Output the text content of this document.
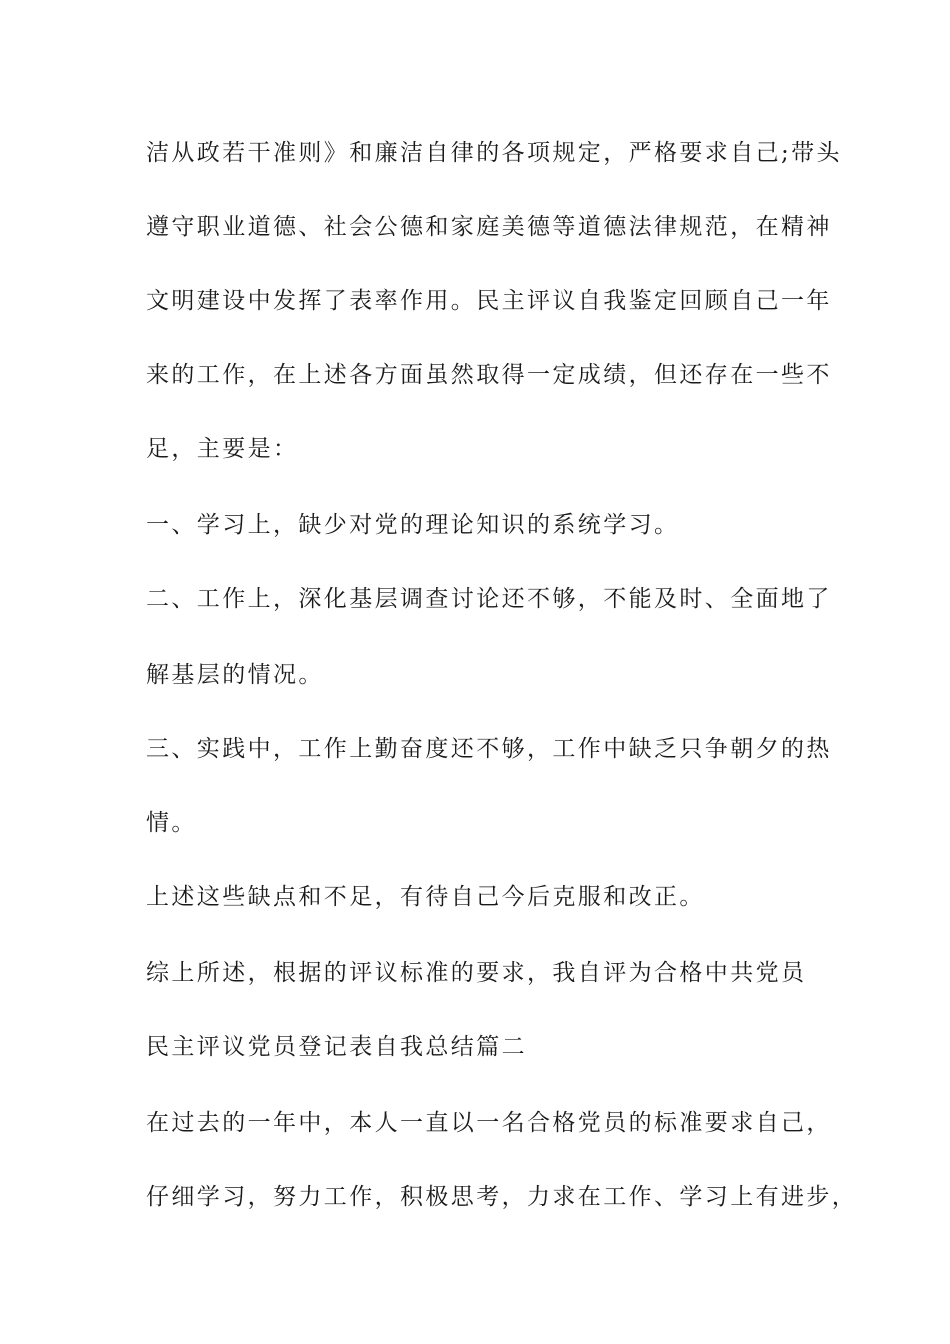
洁从政若干准则》和廉洁自律的各项规定，严格要求自己;带头
遵守职业道德、社会公德和家庭美德等道德法律规范，在精神
文明建设中发挥了表率作用。民主评议自我鉴定回顾自己一年
来的工作，在上述各方面虽然取得一定成绩，但还存在一些不
足，主要是：
一、学习上，缺少对党的理论知识的系统学习。
二、工作上，深化基层调查讨论还不够，不能及时、全面地了
解基层的情况。
三、实践中，工作上勤奋度还不够，工作中缺乏只争朝夕的热
情。
上述这些缺点和不足，有待自己今后克服和改正。
综上所述，根据的评议标准的要求，我自评为合格中共党员
民主评议党员登记表自我总结篇二
在过去的一年中，本人一直以一名合格党员的标准要求自己，
仔细学习，努力工作，积极思考，力求在工作、学习上有进步，
